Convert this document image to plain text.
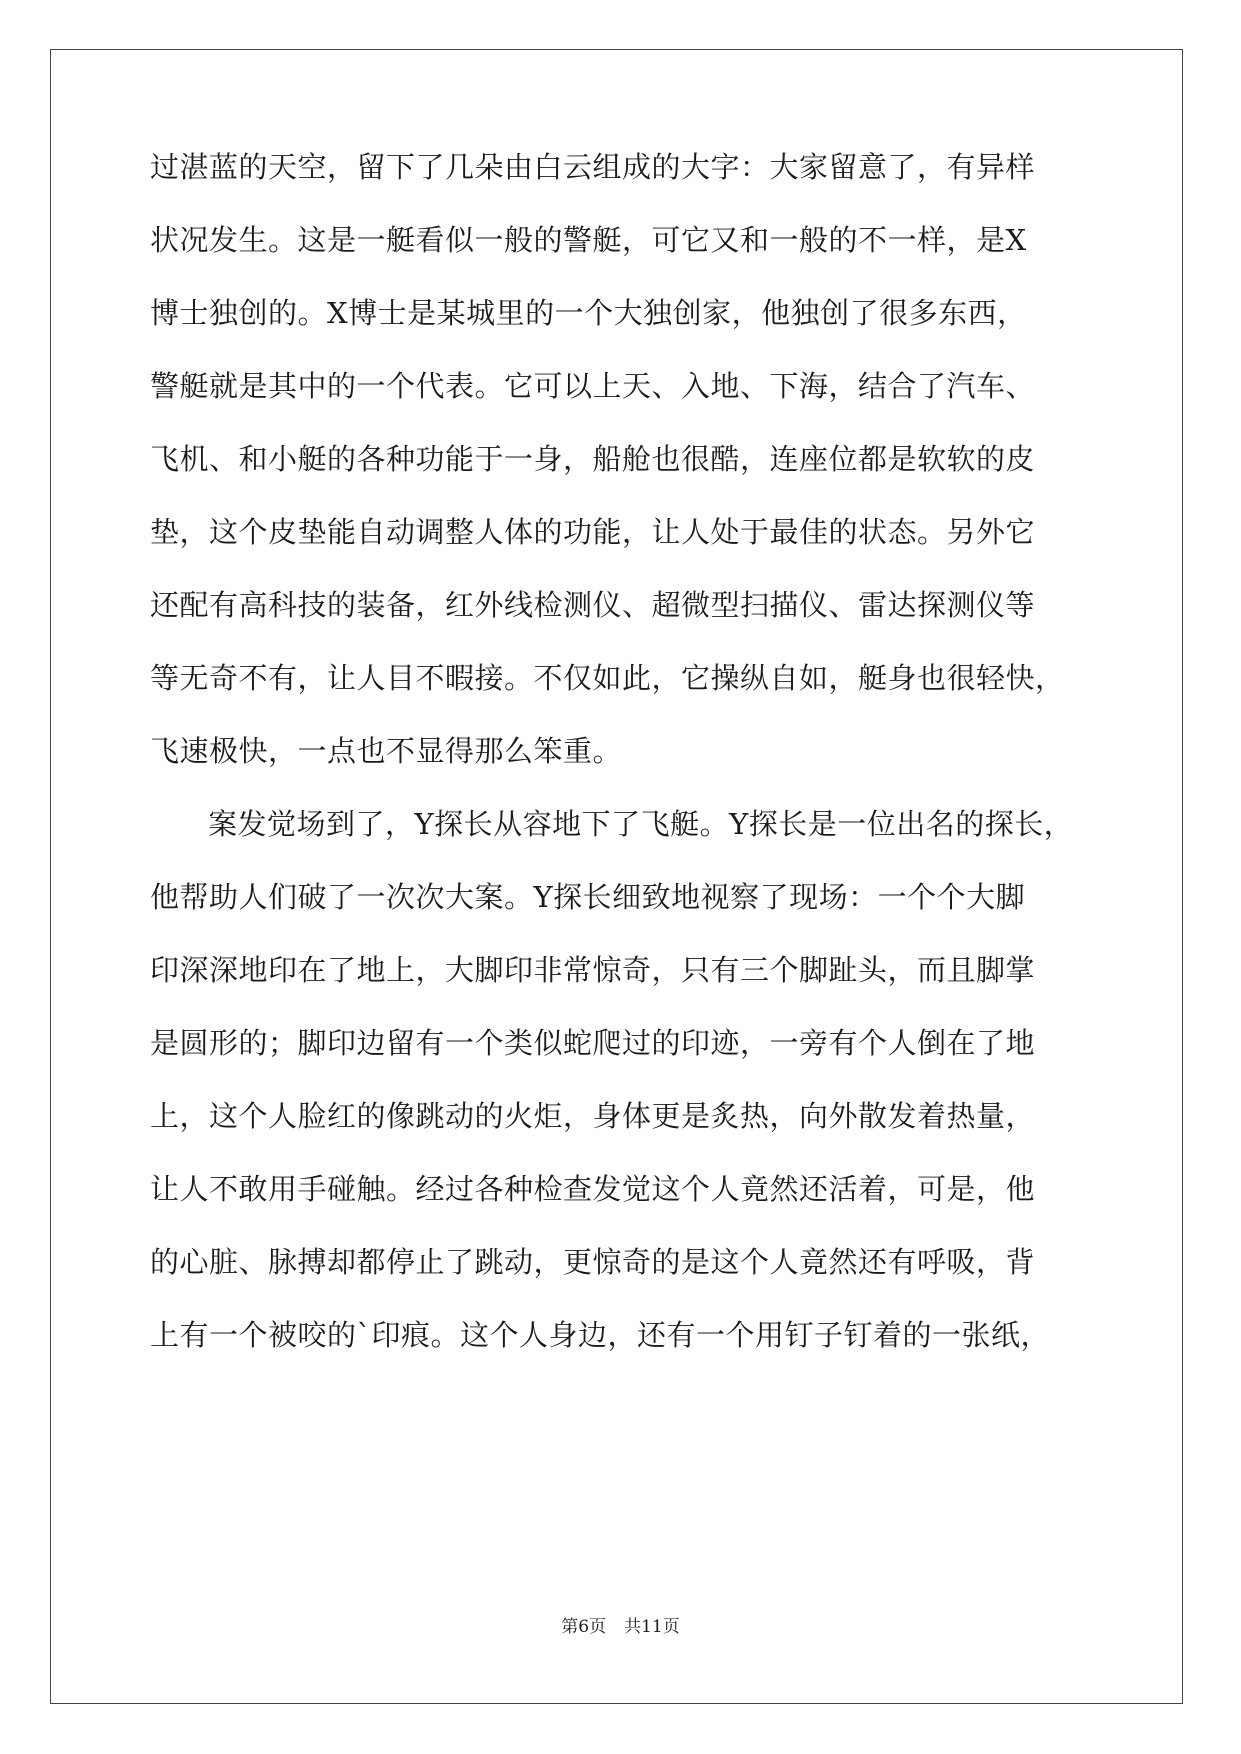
过湛蓝的天空，留下了几朵由白云组成的大字：大家留意了，有异样
状况发生。这是一艇看似一般的警艇，可它又和一般的不一样，是X
博士独创的。X博士是某城里的一个大独创家，他独创了很多东西，
警艇就是其中的一个代表。它可以上天、入地、下海，结合了汽车、
飞机、和小艇的各种功能于一身，船舱也很酷，连座位都是软软的皮
垫，这个皮垫能自动调整人体的功能，让人处于最佳的状态。另外它
还配有高科技的装备，红外线检测仪、超微型扫描仪、雷达探测仪等
等无奇不有，让人目不暇接。不仅如此，它操纵自如，艇身也很轻快，
飞速极快，一点也不显得那么笨重。
案发觉场到了，Y探长从容地下了飞艇。Y探长是一位出名的探长，
他帮助人们破了一次次大案。Y探长细致地视察了现场：一个个大脚
印深深地印在了地上，大脚印非常惊奇，只有三个脚趾头，而且脚掌
是圆形的；脚印边留有一个类似蛇爬过的印迹，一旁有个人倒在了地
上，这个人脸红的像跳动的火炬，身体更是炙热，向外散发着热量，
让人不敢用手碰触。经过各种检查发觉这个人竟然还活着，可是，他
的心脏、脉搏却都停止了跳动，更惊奇的是这个人竟然还有呼吸，背
上有一个被咬的`印痕。这个人身边，还有一个用钉子钉着的一张纸，
第6页 共11页
